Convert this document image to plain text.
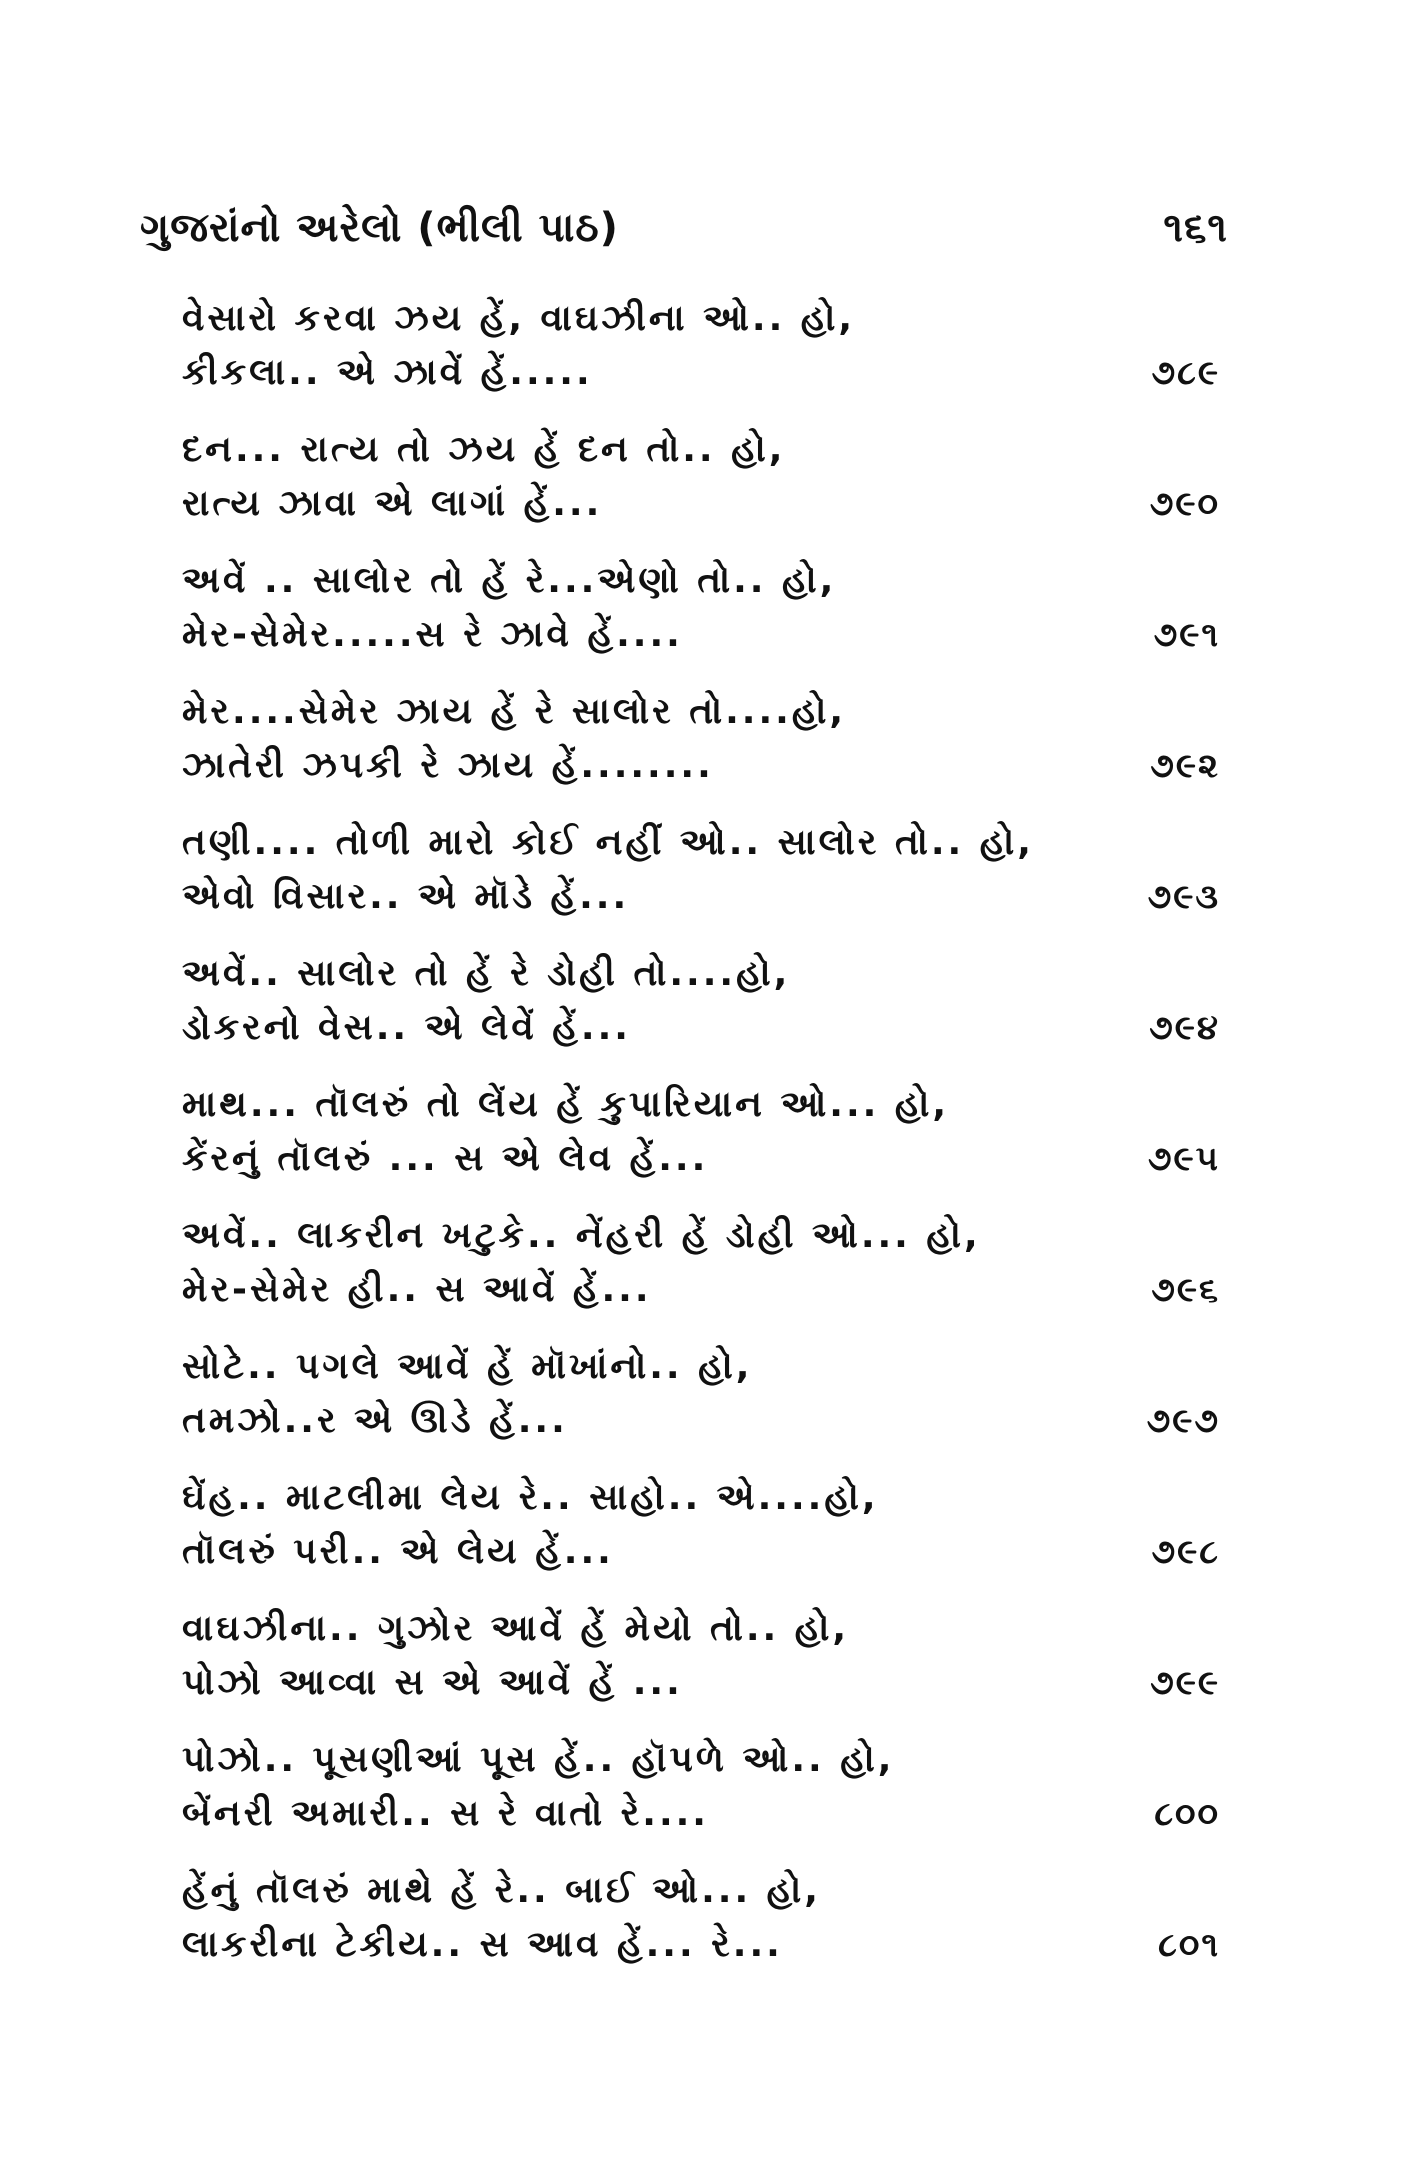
ગુજરાંનો અરેલો (ભીલી પાઠ)	૧૬૧
વેસારો કરવા ઝય હેં, વાઘઝીના ઓ.. હો,
કીકલા.. એ ઝાવેં હેં.....	૭૮૯
દન... રાત્ય તો ઝય હેં દન તો.. હો,
રાત્ય ઝાવા એ લાગાં હેં...	૭૯૦
અવેં .. સાલોર તો હેં રે...એણો તો.. હો,
મેર-સેમેર.....સ રે ઝાવે હેં....	૭૯૧
મેર....સેમેર ઝાય હેં રે સાલોર તો....હો,
ઝાતેરી ઝપકી રે ઝાય હેં........	૭૯૨
તણી.... તોળી મારો કોઈ નહીં ઓ.. સાલોર તો.. હો,
એવો વિસાર.. એ મૉડે હેં...	૭૯૩
અવેં.. સાલોર તો હેં રે ડોહી તો....હો,
ડોકરનો વેસ.. એ લેવેં હેં...	૭૯૪
માથ... તૉલરું તો લેંય હેં કુપારિયાન ઓ... હો,
કેંરનું તૉલરું ... સ એ લેવ હેં...	૭૯૫
અવેં.. લાકરીન ખટુકે.. નેંહરી હેં ડોહી ઓ... હો,
મેર-સેમેર હી.. સ આવેં હેં...	૭૯૬
સોટે.. પગલે આવેં હેં મૉખાંનો.. હો,
તમઝો..ર એ ઊડે હેં...	૭૯૭
ઘેંહ.. માટલીમા લેય રે.. સાહો.. એ....હો,
તૉલરું પરી.. એ લેય હેં...	૭૯૮
વાઘઝીના.. ગુઝોર આવેં હેં મેયો તો.. હો,
પોઝો આવ્વા સ એ આવેં હેં ...	૭૯૯
પોઝો.. પૂસણીઆં પૂસ હેં.. હૉપળે ઓ.. હો,
બેંનરી અમારી.. સ રે વાતો રે....	૮૦૦
હેંનું તૉલરું માથે હેં રે.. બાઈ ઓ... હો,
લાકરીના ટેકીય.. સ આવ હેં... રે...	૮૦૧
